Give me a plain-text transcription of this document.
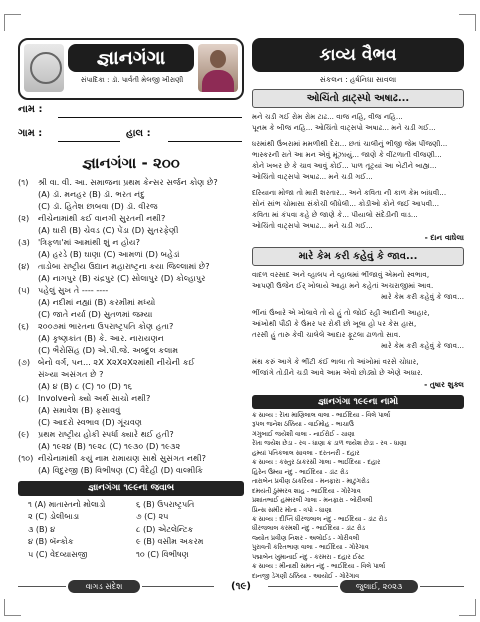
જ્ઞાનગંગા
સંપાદિકા : ડૉ. પાર્વતી મેલજી ખીરાણી
નામ :
ગામ :	હાલ :
જ્ઞાનગંગા - ૨૦૦
(૧)	શ્રી વા. વી. આ. સમાજના પ્રથમ કેન્સર સર્જન કોણ છે?
(A) ડૉ. મનહર (B) ડૉ. ભરત નંદુ
(C) ડૉ. હિતેશ છાબવા (D) ડૉ. વીરજ
(૨)	નીચેનામાંથી કઈ વાનગી સુરતની નથી?
(A) ઘારી (B) ચેવડ (C) પેંડા (D) સુતરફેણી
(૩) 'ત્રિફળા'માં આમાંથી શું ન હોય?
(A) હરડે (B) ઘાણા (C) આમળાં (D) બહેડાં
(૪)	તાડોબા રાષ્ટ્રીય ઉદ્યાન મહારાષ્ટ્રના કયા જિલ્લામાં છે?
(A) નાગપુર (B) ચંદ્રપુર (C) સોલાપુર (D) કોલ્હાપુર
(૫)	પહેલું સુખ તે ---- ----
(A) નદીમાં નહ્યાં (B) કરમીમાં મધ્યો
(C) જાતે નર્યા (D) સુતળમાં જમ્યા
(૬)	૨૦૦૭માં ભારતના ઉપરાષ્ટ્રપતિ કોણ હતા?
(A) કૃષ્ણકાંત (B) કે. આર. નારાયણન
(C) ભૈરોસિંહ (D) એ.પી.જે. અબ્દુલ કલામ
(૭) બેનો વર્ગ, પન... ૨X X૨X૨X૨માંથી નીચેની કઈ
સંખ્યા અસંગત છે ?
(A) ૪ (B) ૮ (C) ૧૦ (D) ૧૬
(૮)	Involveનો ક્યો અર્થ સાચો નથી?
(A) સમાવેશ (B) ફસાવવું
(C) આદરો સ્વભાવ (D) ગૂંચવણ
(૯)	પ્રથમ રાષ્ટ્રીય હોકી સ્પર્ધા ક્યારે થઈ હતી?
(A) ૧૯૨૪ (B) ૧૯૨૮ (C) ૧૯૩૦ (D) ૧૯૩૨
(૧૦) નીચેનામાંથી કયું નામ રામાયણ સાથે સુસંગત નથી?
(A) વિદુરજી (B) વિભીષણ (C) વૈદેહી (D) વાલ્મીકિ
જ્ઞાનગંગા ૧૯૯ના જવાબ
૧ (A) માતાસ્તનો મોલાડો	૬ (B) ઉપરાષ્ટ્રપતિ
૨ (C) ડોલીબાડા	૭ (C) ૨૫
૩ (B) ૪	૮ (D) એટલેન્ટિક
૪ (B) બૅન્કોક	૯ (B) વસીમ અકરમ
૫ (C) વેદવ્યાસજી	૧૦ (C) વિભીષણ
કાવ્ય વૈભવ
સંકલન : હર્ષનિધા સાવલા
ઓચિંતો વ્રાટ્સ્પો અષાઢ...
મને ચડી ગઈ રોમ રોમ ટાઢ... વાજ નહિ, વીજ નહિ...
પૂનમ કે બીજ નહિ... ઓચિંતો વાટ્સપો અષાઢ... મને ચડી ગઈ...
ધરમાંથી ઉંબરામાં મમળીથી દેરા... છતાં ચાલીનું ભીજી જેમ પીંજણી...
ભાસ્કરની રાતે આ મન એવું મૂંઝાયું... જાણે કે વીંટળાતી વીજણી...
કોને ખબર છે કે ચાવ આવું કોઈ... પાળ તૂટ્યાં આ બેટીને બાહ્ય...
ઓચિંતો વાટ્સપો અષાઢ... મને ચડી ગઈ...
દરિયાના મોજા તો મારી શરતાર... અને કવિતા ની કાળ કેમ બાંધવી...
સોનં સાંભ ચોમાસા સંકોચી લીધેલી... કોડીઓ કોને જઈ આપવી...
કવિતા માં કંપવા કહે છે જાણે કે... પીયાલો સંદેડીની વાડ...
ઓચિંતો વાટ્સપો અષાઢ... મને ચડી ગઈ...
- દાન વાઘેલા
મારે કેમ કરી કહેવું કે જાવ...
વાદળ વરસાદ અને વ્હાલપ ને વ્હાલમાં ભીંજાવું એમનો સ્વભાવ,
આપણી ઉજેન ઈર્ ખોલાયે આહા મને કહેતાં અચરાજીમાં આવ.
મારે કેમ કરી કહેવું કે જાવ...
ભીંનાં ઉંબારે એ ખોલાવે તો યે હું તો જોઈ રહી આદીની આહાર,
આંખોથી પૌંઠી કે ઉંમર પર રોકી છો ખૂલા હો પર કેસ હાસ,
તરસી હું તારુ કેવી ચાલેલે આદાર ફૂટલા ઢાળતો સાવ.
મારે કેમ કરી કહેવું કે જાવ...
મંથ કરું આગે કે ભીંટી કંઈ ભાલા તો આંખોમાં વરસે ચોધાર,
ભીંજાંગે તોડીને ચડી આવે આમ એવો છોડ્યો છે એણે અધાર.
- તુષાર શુક્લ
જ્ઞાનગંગા ૧૯૯ના નામો
ક્ર સાવ્ય : રેખા માણિલાલ વાલા - ભાઈદિયા - વિલે પાર્લા
રૂપલ જનેશ ઠક્કિયા - વાઈમોહ - ભાચાઉ
ગંગુબાઈ જયેશી વાલા - નાઈરોઈ - ચાણા
રેખા જયેશ છેડા - રવ - ધાણા ક્ર ડાળ જયેશ છેડા - રવ - ધાણા
હમ્યાં પતિકલાલ સાવલા - દરતનરી - દહાર
ક્ર સાવ્ય : કસ્તુર ઠાકરસી ગાલા - ભાઈદિયા - દહાર
હિરેન ઉમ્યા નંદુ - ભાઈદિયા - ડાંટ રોડ
તારાબેન પ્રવીણ ઠાકરિયા - મનફારા - માટુંગરોડ
દમયંતી ઠુમ્મરવ શાહ - ભાઈદિયા - ગોરેગાવ
પ્રશાંતભાઈ હમ્મરલી ગાલા - મનફારા - બોરીવલી
પ્રિન્સ સમીર મોતા - ત્રપો - ધાણા
ક્ર સાવ્ય : દીપ્તિ ધીરજલાલ નંદુ - ભાઈદિયા - ડાંટ રોડ
ધીરજલાલ કરમશી નંદુ - ભાઈદિયા - ડાંટ રોડ
જ્યોત પ્રવીણ નિશર - અલોઈડ - ગોરીવલી
પુરાવતી કરિતભાણ વાલા - ભાઈદિયા - ગોરેગાવ
પદ્માબેન ખુમાનાઈ નંદુ - કરમરા - દહાર ઈસ્ટ
ક્ર સાવ્ય : મીનાક્ષી સમત નંદુ - ભાઈદિયા - વિલે પાર્લા
દાનજી ડેગણી ઠક્કિયા - આયોઈ - ગોરેગાવ
વાગડ સંદેશ	(૧૯)	જુલાઈ, ૨૦૨૩
